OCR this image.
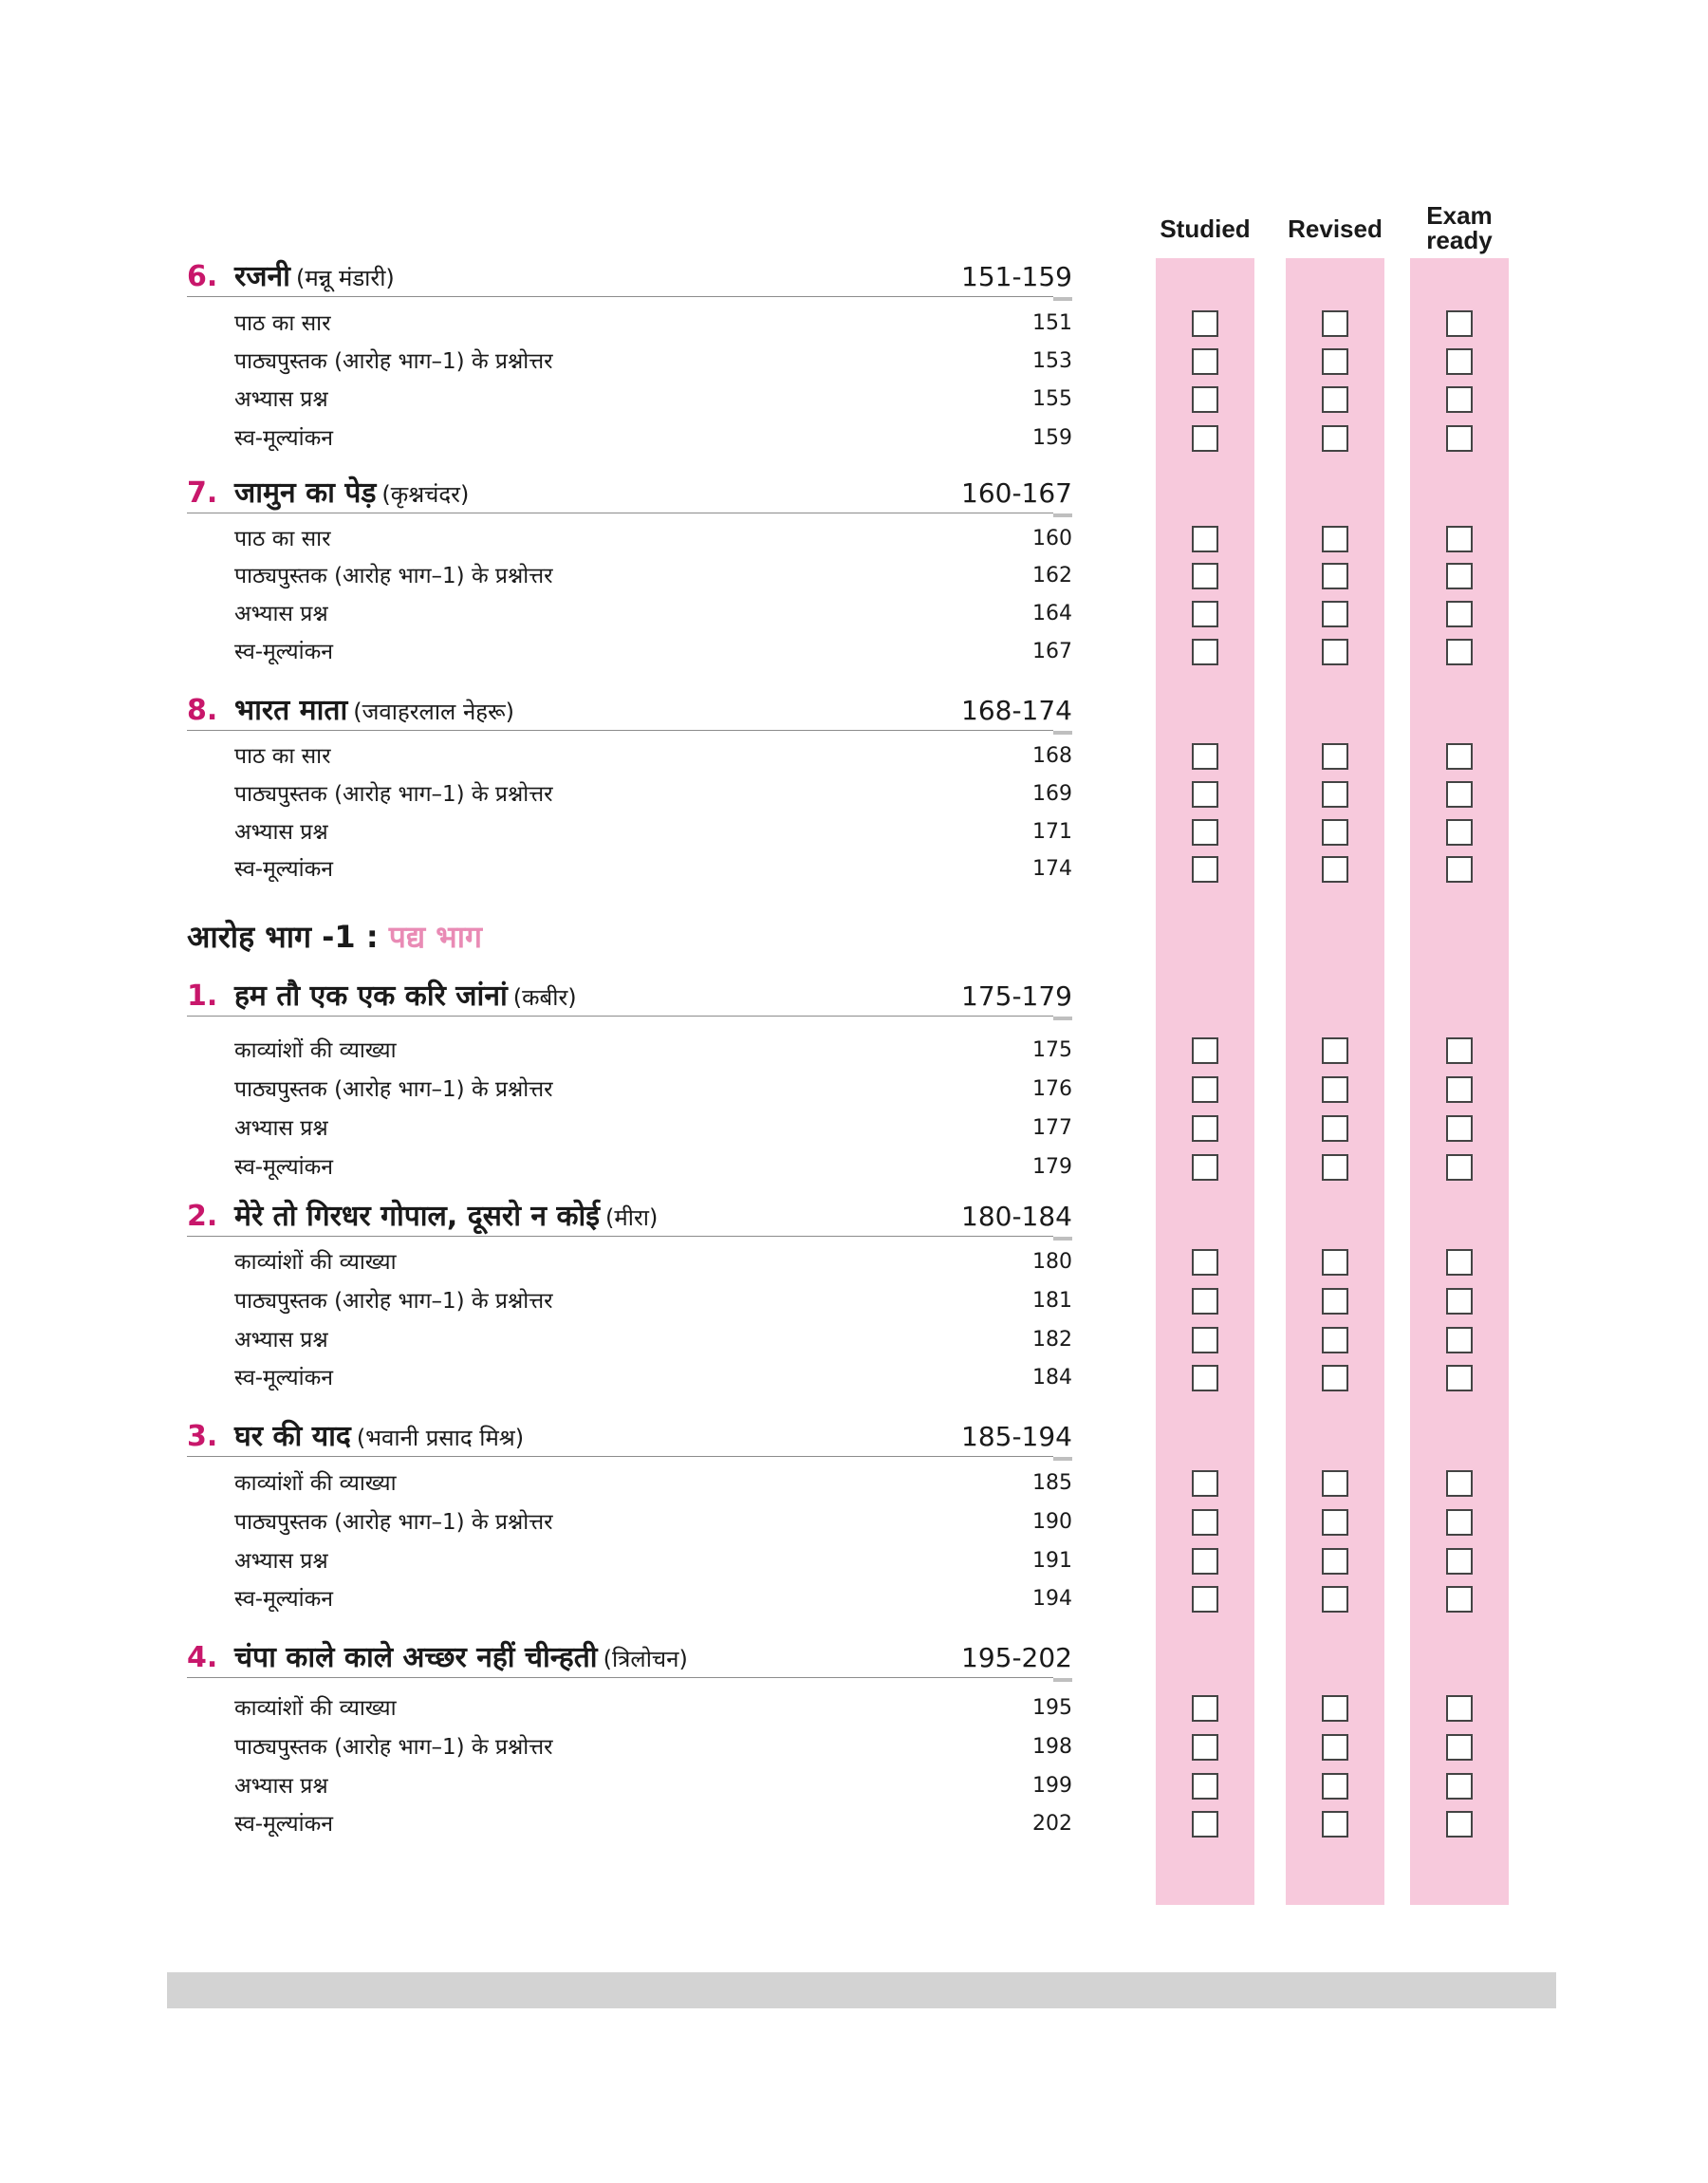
Studied	Revised	Exam
ready
आरोह भाग -1 : पद्य भाग
6. रजनी (मन्नू मंडारी)	151-159
पाठ का सार	151
पाठ्यपुस्तक (आरोह भाग–1) के प्रश्नोत्तर	153
अभ्यास प्रश्न	155
स्व-मूल्यांकन	159
7. जामुन का पेड़ (कृश्नचंदर)	160-167
पाठ का सार	160
पाठ्यपुस्तक (आरोह भाग–1) के प्रश्नोत्तर	162
अभ्यास प्रश्न	164
स्व-मूल्यांकन	167
8. भारत माता (जवाहरलाल नेहरू)	168-174
पाठ का सार	168
पाठ्यपुस्तक (आरोह भाग–1) के प्रश्नोत्तर	169
अभ्यास प्रश्न	171
स्व-मूल्यांकन	174
1. हम तौ एक एक करि जांनां (कबीर)	175-179
काव्यांशों की व्याख्या	175
पाठ्यपुस्तक (आरोह भाग–1) के प्रश्नोत्तर	176
अभ्यास प्रश्न	177
स्व-मूल्यांकन	179
2. मेरे तो गिरधर गोपाल, दूसरो न कोई (मीरा)	180-184
काव्यांशों की व्याख्या	180
पाठ्यपुस्तक (आरोह भाग–1) के प्रश्नोत्तर	181
अभ्यास प्रश्न	182
स्व-मूल्यांकन	184
3. घर की याद (भवानी प्रसाद मिश्र)	185-194
काव्यांशों की व्याख्या	185
पाठ्यपुस्तक (आरोह भाग–1) के प्रश्नोत्तर	190
अभ्यास प्रश्न	191
स्व-मूल्यांकन	194
4. चंपा काले काले अच्छर नहीं चीन्हती (त्रिलोचन)	195-202
काव्यांशों की व्याख्या	195
पाठ्यपुस्तक (आरोह भाग–1) के प्रश्नोत्तर	198
अभ्यास प्रश्न	199
स्व-मूल्यांकन	202
